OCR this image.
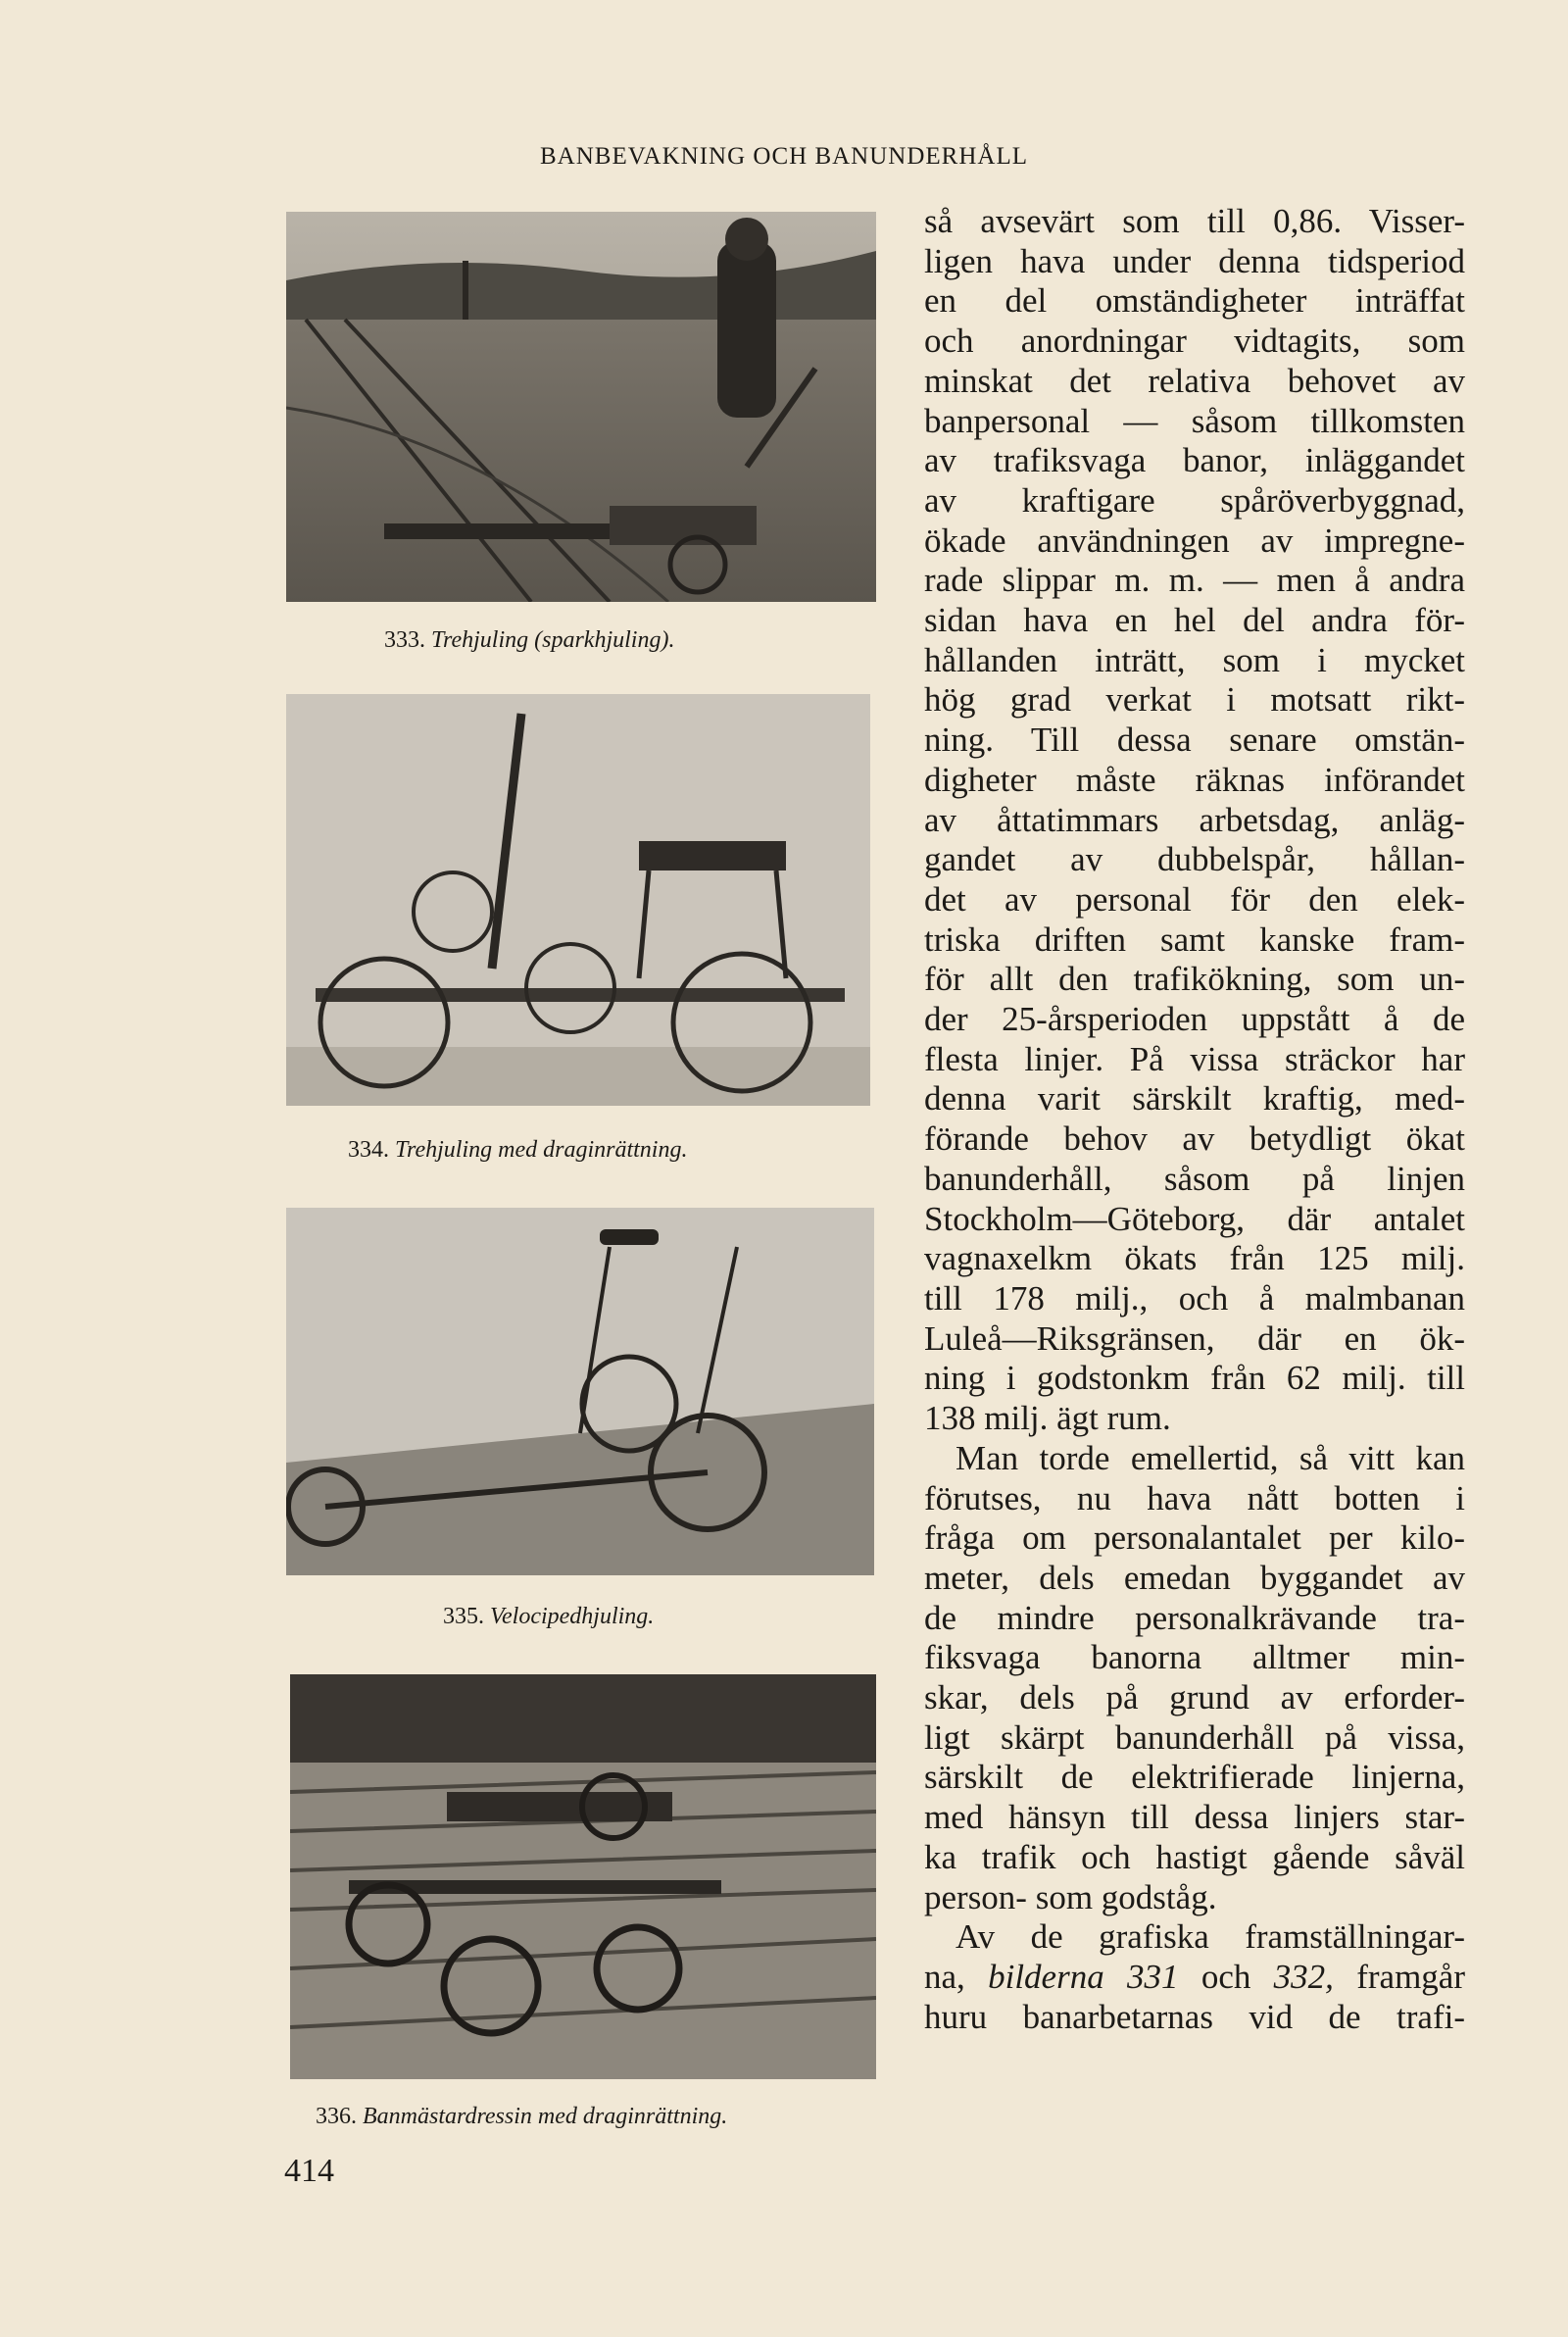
BANBEVAKNING OCH BANUNDERHÅLL
333. Trehjuling (sparkhjuling).
334. Trehjuling med draginrättning.
335. Velocipedhjuling.
336. Banmästardressin med draginrättning.
så avsevärt som till 0,86. Visser-
ligen hava under denna tidsperiod
en del omständigheter inträffat
och anordningar vidtagits, som
minskat det relativa behovet av
banpersonal — såsom tillkomsten
av trafiksvaga banor, inläggandet
av kraftigare spåröverbyggnad,
ökade användningen av impregne-
rade slipрar m. m. — men å andra
sidan hava en hel del andra för-
hållanden inträtt, som i mycket
hög grad verkat i motsatt rikt-
ning. Till dessa senare omstän-
digheter måste räknas införandet
av åttatimmars arbetsdag, anläg-
gandet av dubbelspår, hållan-
det av personal för den elek-
triska driften samt kanske fram-
för allt den trafikökning, som un-
der 25-årsperioden uppstått å de
flesta linjer. På vissa sträckor har
denna varit särskilt kraftig, med-
förande behov av betydligt ökat
banunderhåll, såsom på linjen
Stockholm—Göteborg, där antalet
vagnaxelkm ökats från 125 milj.
till 178 milj., och å malmbanan
Luleå—Riksgränsen, där en ök-
ning i godstonkm från 62 milj. till
138 milj. ägt rum.
Man torde emellertid, så vitt kan
förutses, nu hava nått botten i
fråga om personalantalet per kilo-
meter, dels emedan byggandet av
de mindre personalkrävande tra-
fiksvaga banorna alltmer min-
skar, dels på grund av erforder-
ligt skärpt banunderhåll på vissa,
särskilt de elektrifierade linjerna,
med hänsyn till dessa linjers star-
ka trafik och hastigt gående såväl
person- som godståg.
Av de grafiska framställningar-
na, bilderna 331 och 332, framgår
huru banarbetarnas vid de trafi-
414
